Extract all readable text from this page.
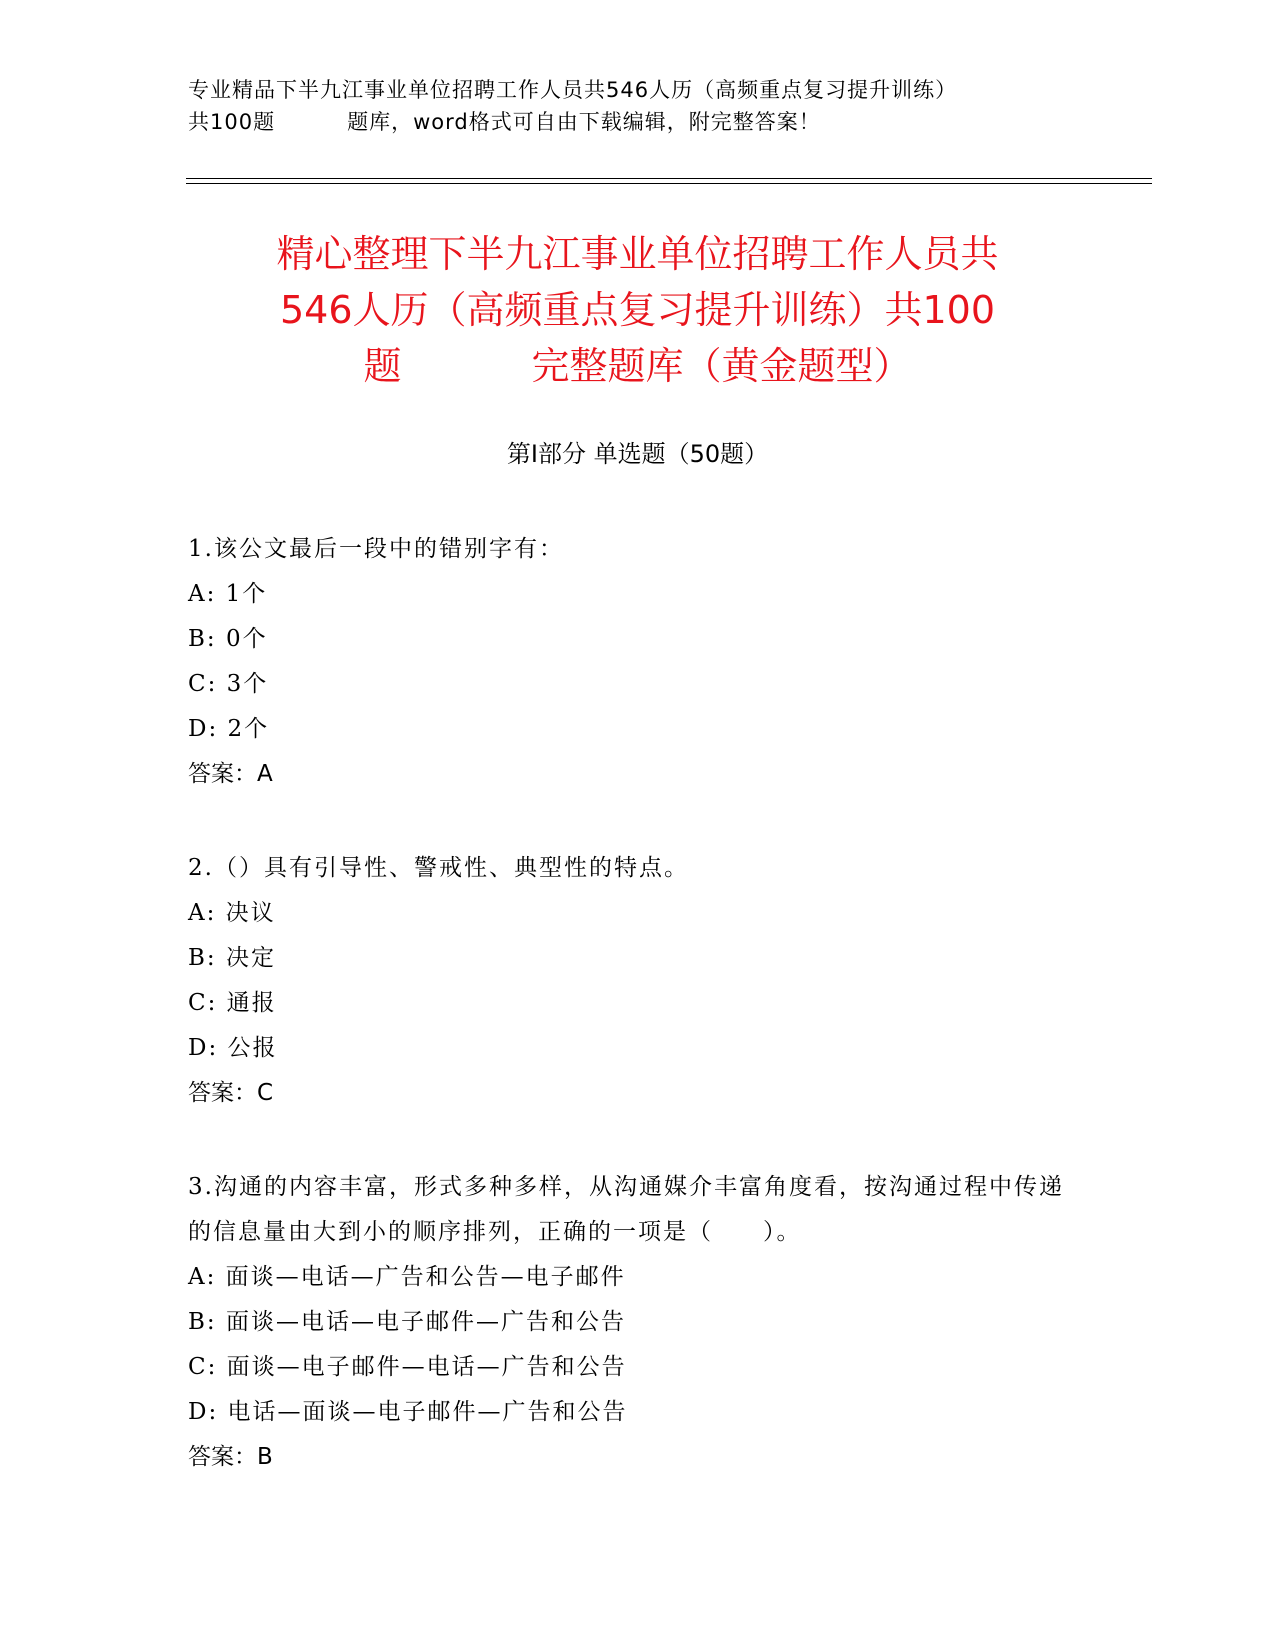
专业精品下半九江事业单位招聘工作人员共546人历（高频重点复习提升训练）
共100题	题库，word格式可自由下载编辑，附完整答案！
精心整理下半九江事业单位招聘工作人员共
546人历（高频重点复习提升训练）共100
题	完整题库（黄金题型）
第Ⅰ部分 单选题（50题）
1.该公文最后一段中的错别字有：
A: 1个
B: 0个
C: 3个
D: 2个
答案：A
2.（）具有引导性、警戒性、典型性的特点。
A: 决议
B: 决定
C: 通报
D: 公报
答案：C
3.沟通的内容丰富，形式多种多样，从沟通媒介丰富角度看，按沟通过程中传递的信息量由大到小的顺序排列，正确的一项是（　　）。
A: 面谈—电话—广告和公告—电子邮件
B: 面谈—电话—电子邮件—广告和公告
C: 面谈—电子邮件—电话—广告和公告
D: 电话—面谈—电子邮件—广告和公告
答案：B
